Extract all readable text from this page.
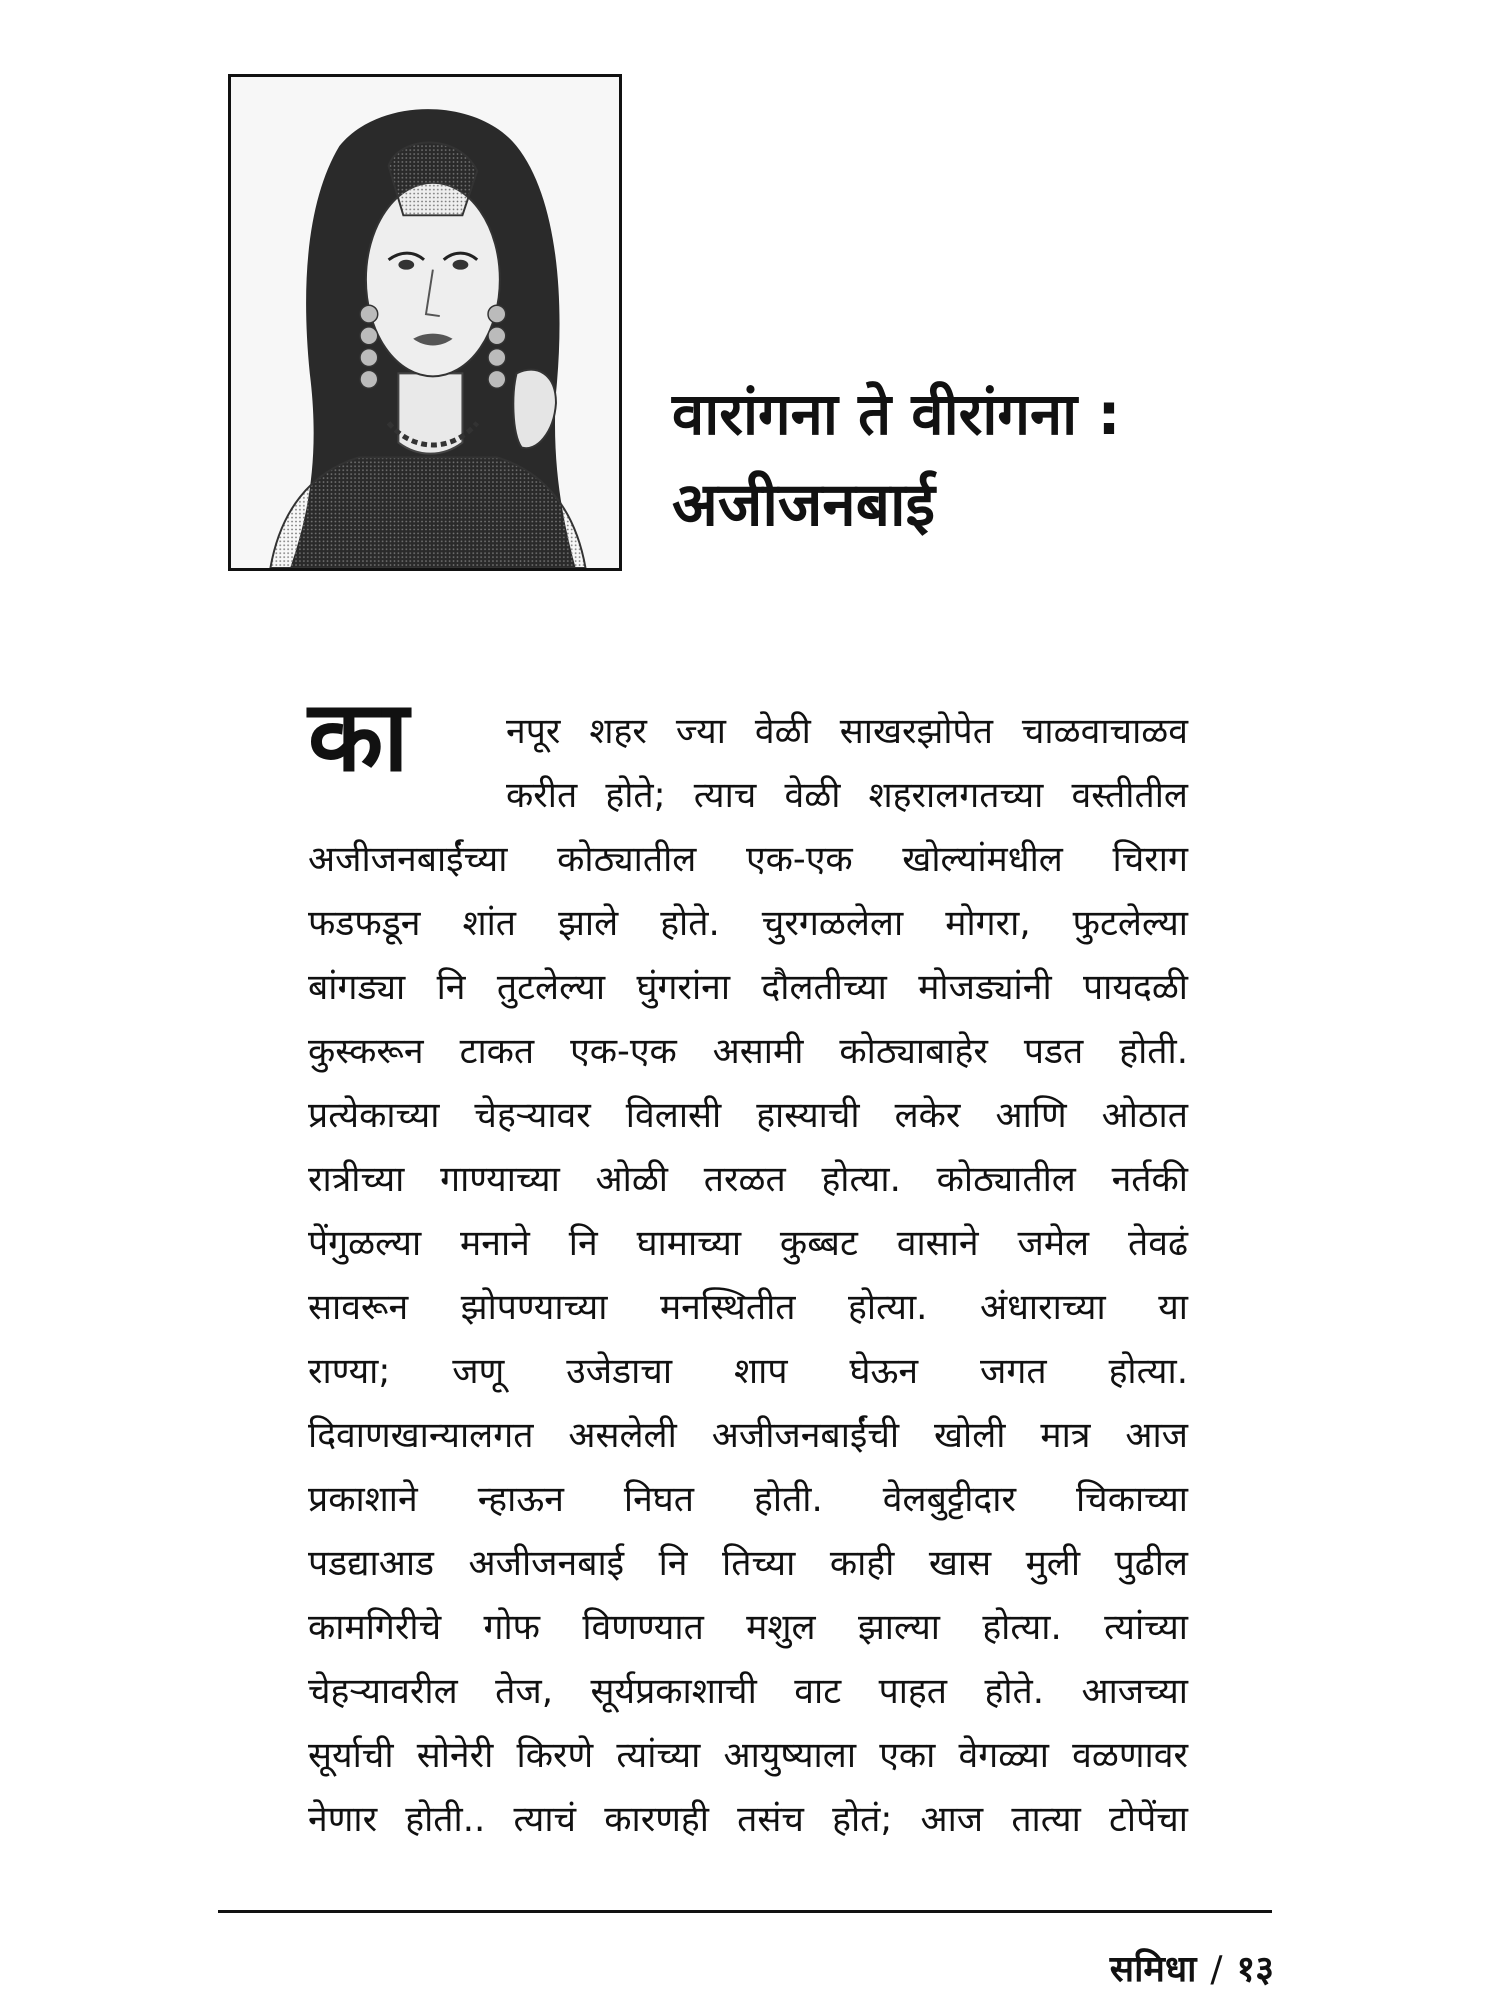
वारांगना ते वीरांगना :
अजीजनबाई
का	नपूर शहर ज्या वेळी साखरझोपेत चाळवाचाळव
करीत होते; त्याच वेळी शहरालगतच्या वस्तीतील
अजीजनबाईंच्या कोठ्यातील एक-एक खोल्यांमधील चिराग
फडफडून शांत झाले होते. चुरगळलेला मोगरा, फुटलेल्या
बांगड्या नि तुटलेल्या घुंगरांना दौलतीच्या मोजड्यांनी पायदळी
कुस्करून टाकत एक-एक असामी कोठ्याबाहेर पडत होती.
प्रत्येकाच्या चेहऱ्यावर विलासी हास्याची लकेर आणि ओठात
रात्रीच्या गाण्याच्या ओळी तरळत होत्या. कोठ्यातील नर्तकी
पेंगुळल्या मनाने नि घामाच्या कुब्बट वासाने जमेल तेवढं
सावरून झोपण्याच्या मनस्थितीत होत्या. अंधाराच्या या
राण्या; जणू उजेडाचा शाप घेऊन जगत होत्या.
दिवाणखान्यालगत असलेली अजीजनबाईंची खोली मात्र आज
प्रकाशाने न्हाऊन निघत होती. वेलबुट्टीदार चिकाच्या
पडद्याआड अजीजनबाई नि तिच्या काही खास मुली पुढील
कामगिरीचे गोफ विणण्यात मशुल झाल्या होत्या. त्यांच्या
चेहऱ्यावरील तेज, सूर्यप्रकाशाची वाट पाहत होते. आजच्या
सूर्याची सोनेरी किरणे त्यांच्या आयुष्याला एका वेगळ्या वळणावर
नेणार होती.. त्याचं कारणही तसंच होतं; आज तात्या टोपेंचा
समिधा / १३
